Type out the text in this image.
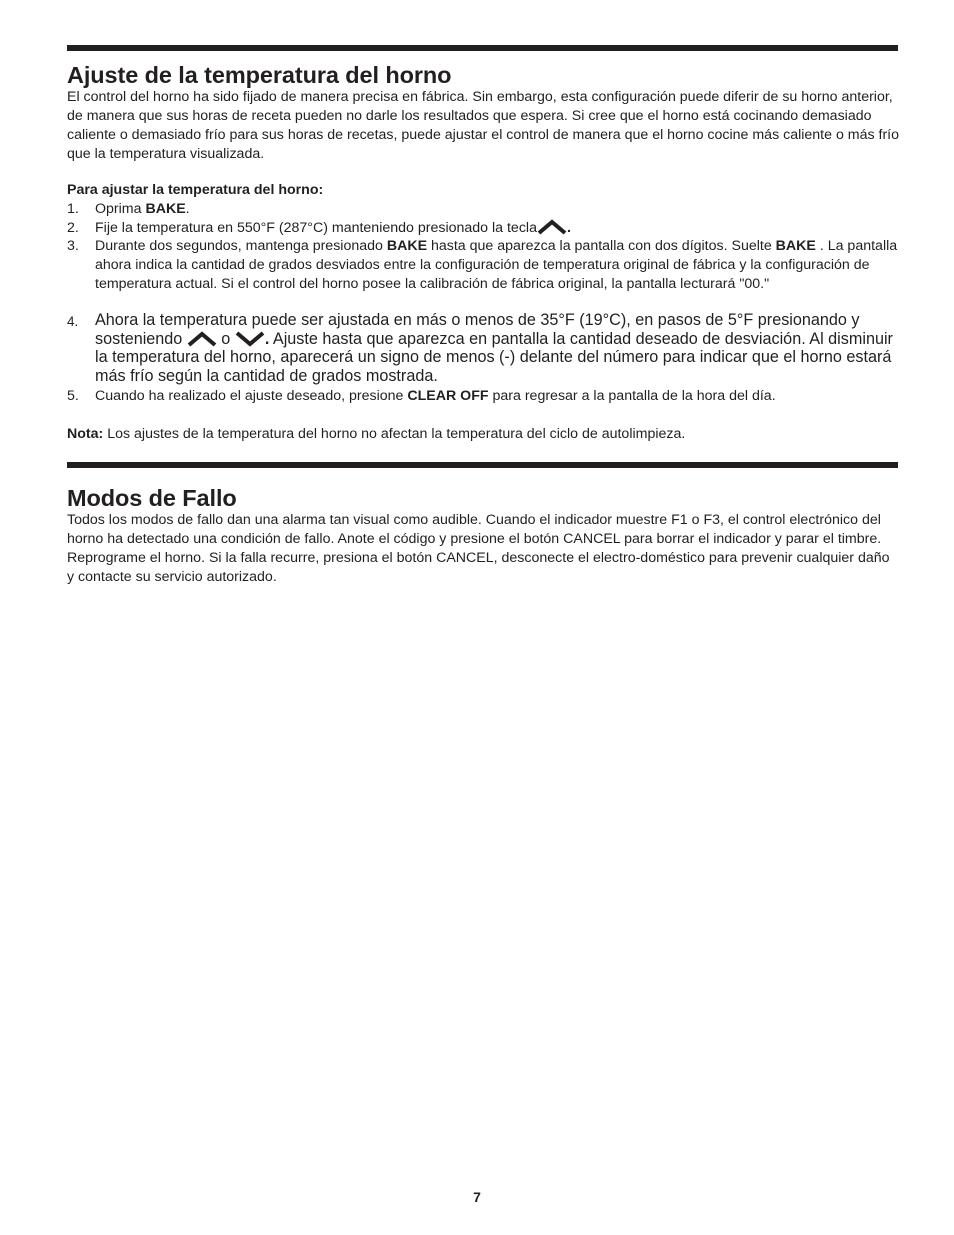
Ajuste de la temperatura del horno

El control del horno ha sido fijado de manera precisa en fábrica. Sin embargo, esta configuración puede diferir de su horno anterior, de manera que sus horas de receta pueden no darle los resultados que espera. Si cree que el horno está cocinando demasiado caliente o demasiado frío para sus horas de recetas, puede ajustar el control de manera que el horno cocine más caliente o más frío que la temperatura visualizada.

Para ajustar la temperatura del horno:

1. Oprima BAKE.
2. Fije la temperatura en 550°F (287°C) manteniendo presionado la tecla .
3. Durante dos segundos, mantenga presionado BAKE hasta que aparezca la pantalla con dos dígitos. Suelte BAKE . La pantalla ahora indica la cantidad de grados desviados entre la configuración de temperatura original de fábrica y la configuración de temperatura actual. Si el control del horno posee la calibración de fábrica original, la pantalla lecturará "00."
4. Ahora la temperatura puede ser ajustada en más o menos de 35°F (19°C), en pasos de 5°F presionando y sosteniendo
o
. Ajuste hasta que aparezca en pantalla la cantidad deseado de desviación. Al disminuir la temperatura del horno, aparecerá un signo de menos (-) delante del número para indicar que el horno estará más frío según la cantidad de grados mostrada.
5. Cuando ha realizado el ajuste deseado, presione CLEAR OFF para regresar a la pantalla de la hora del día.

Nota: Los ajustes de la temperatura del horno no afectan la temperatura del ciclo de autolimpieza.

Modos de Fallo

Todos los modos de fallo dan una alarma tan visual como audible. Cuando el indicador muestre F1 o F3, el control electrónico del horno ha detectado una condición de fallo. Anote el código y presione el botón CANCEL para borrar el indicador y parar el timbre. Reprograme el horno. Si la falla recurre, presiona el botón CANCEL, desconecte el electro-doméstico para prevenir cualquier daño y contacte su servicio autorizado.

7
